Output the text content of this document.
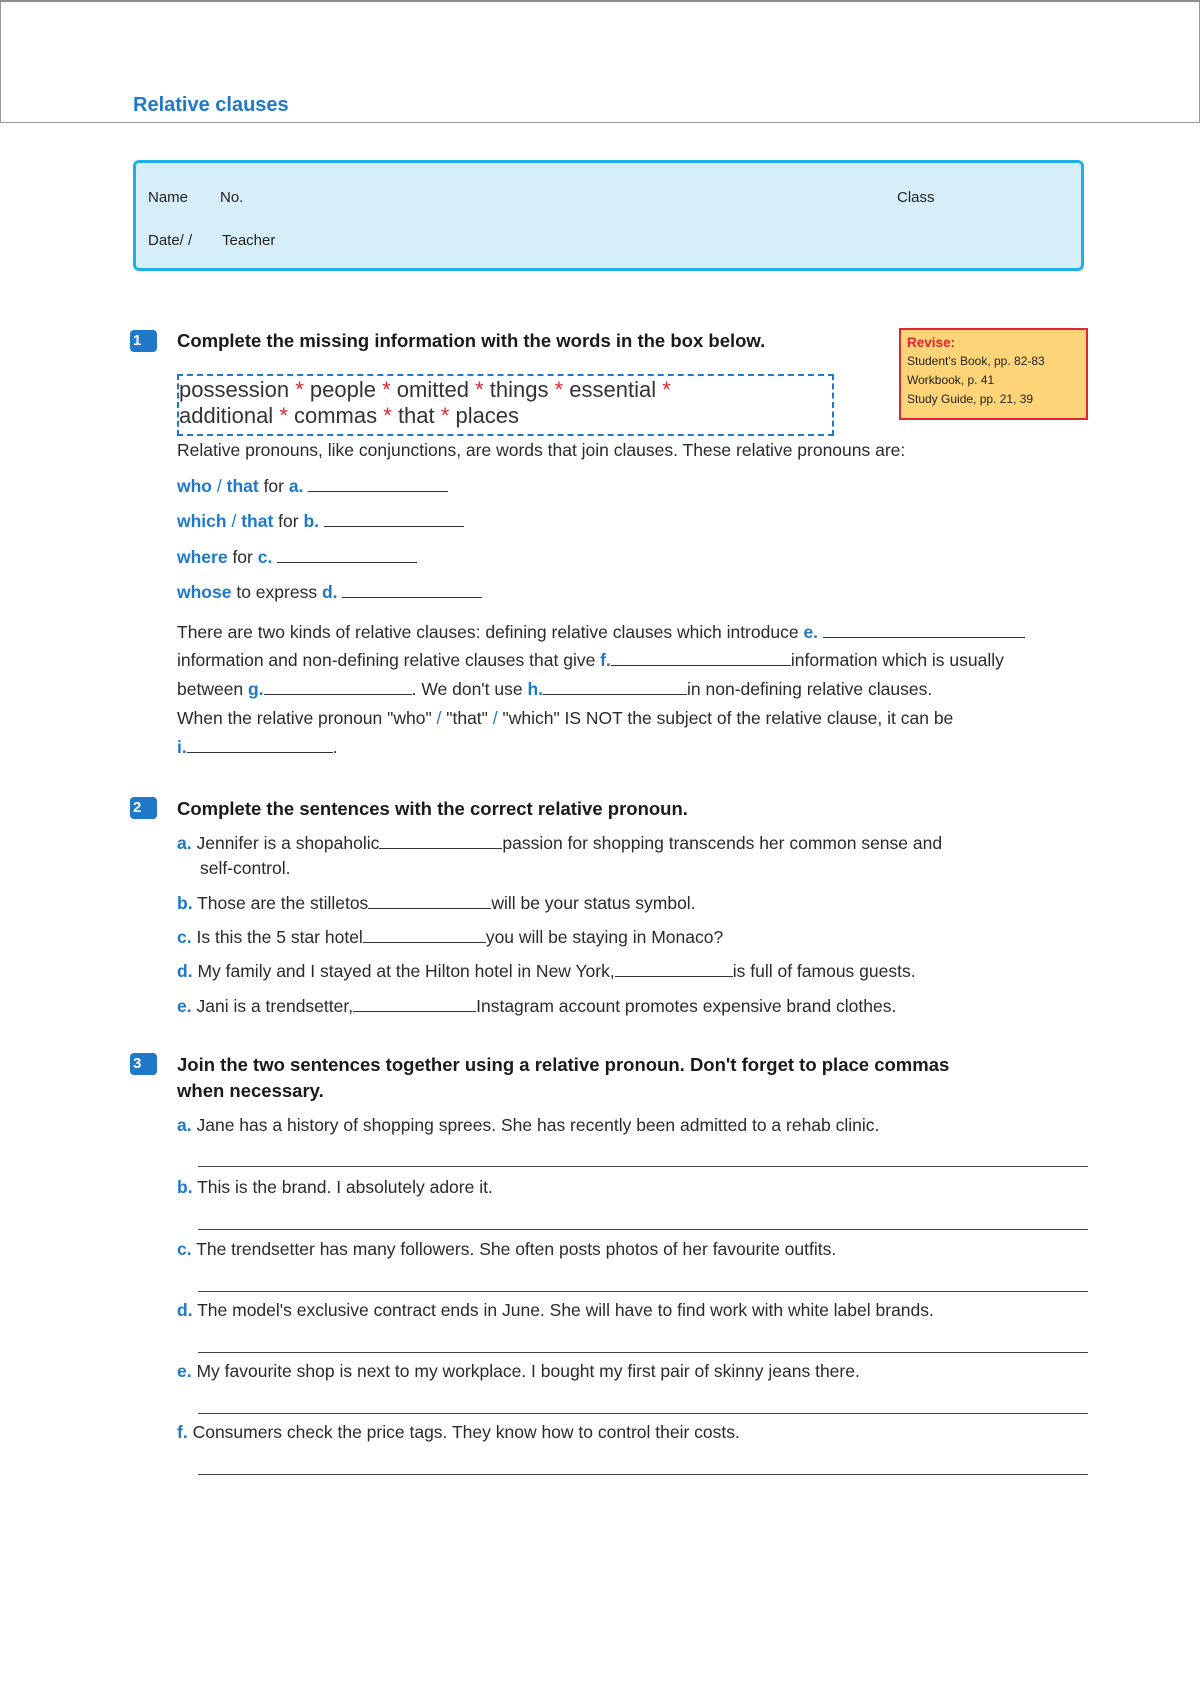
Relative clauses
Name No.	Class
Date/ / Teacher
1	Complete the missing information with the words in the box below.	Revise:
Student's Book, pp. 82-83
Workbook, p. 41
Study Guide, pp. 21, 39
possession * people * omitted * things * essential *
additional * commas * that * places
Relative pronouns, like conjunctions, are words that join clauses. These relative pronouns are:
who / that for a.
which / that for b.
where for c.
whose to express d.
There are two kinds of relative clauses: defining relative clauses which introduce e.
information and non-defining relative clauses that give f.	information which is usually
between g.	. We don't use h.	in non-defining relative clauses.
When the relative pronoun "who" / "that" / "which" IS NOT the subject of the relative clause, it can be
i.	.
2	Complete the sentences with the correct relative pronoun.
a. Jennifer is a shopaholic	passion for shopping transcends her common sense and
self-control.
b. Those are the stilletos	will be your status symbol.
c. Is this the 5 star hotel	you will be staying in Monaco?
d. My family and I stayed at the Hilton hotel in New York,	is full of famous guests.
e. Jani is a trendsetter,	Instagram account promotes expensive brand clothes.
3	Join the two sentences together using a relative pronoun. Don't forget to place commas
when necessary.
a. Jane has a history of shopping sprees. She has recently been admitted to a rehab clinic.
b. This is the brand. I absolutely adore it.
c. The trendsetter has many followers. She often posts photos of her favourite outfits.
d. The model's exclusive contract ends in June. She will have to find work with white label brands.
e. My favourite shop is next to my workplace. I bought my first pair of skinny jeans there.
f. Consumers check the price tags. They know how to control their costs.
